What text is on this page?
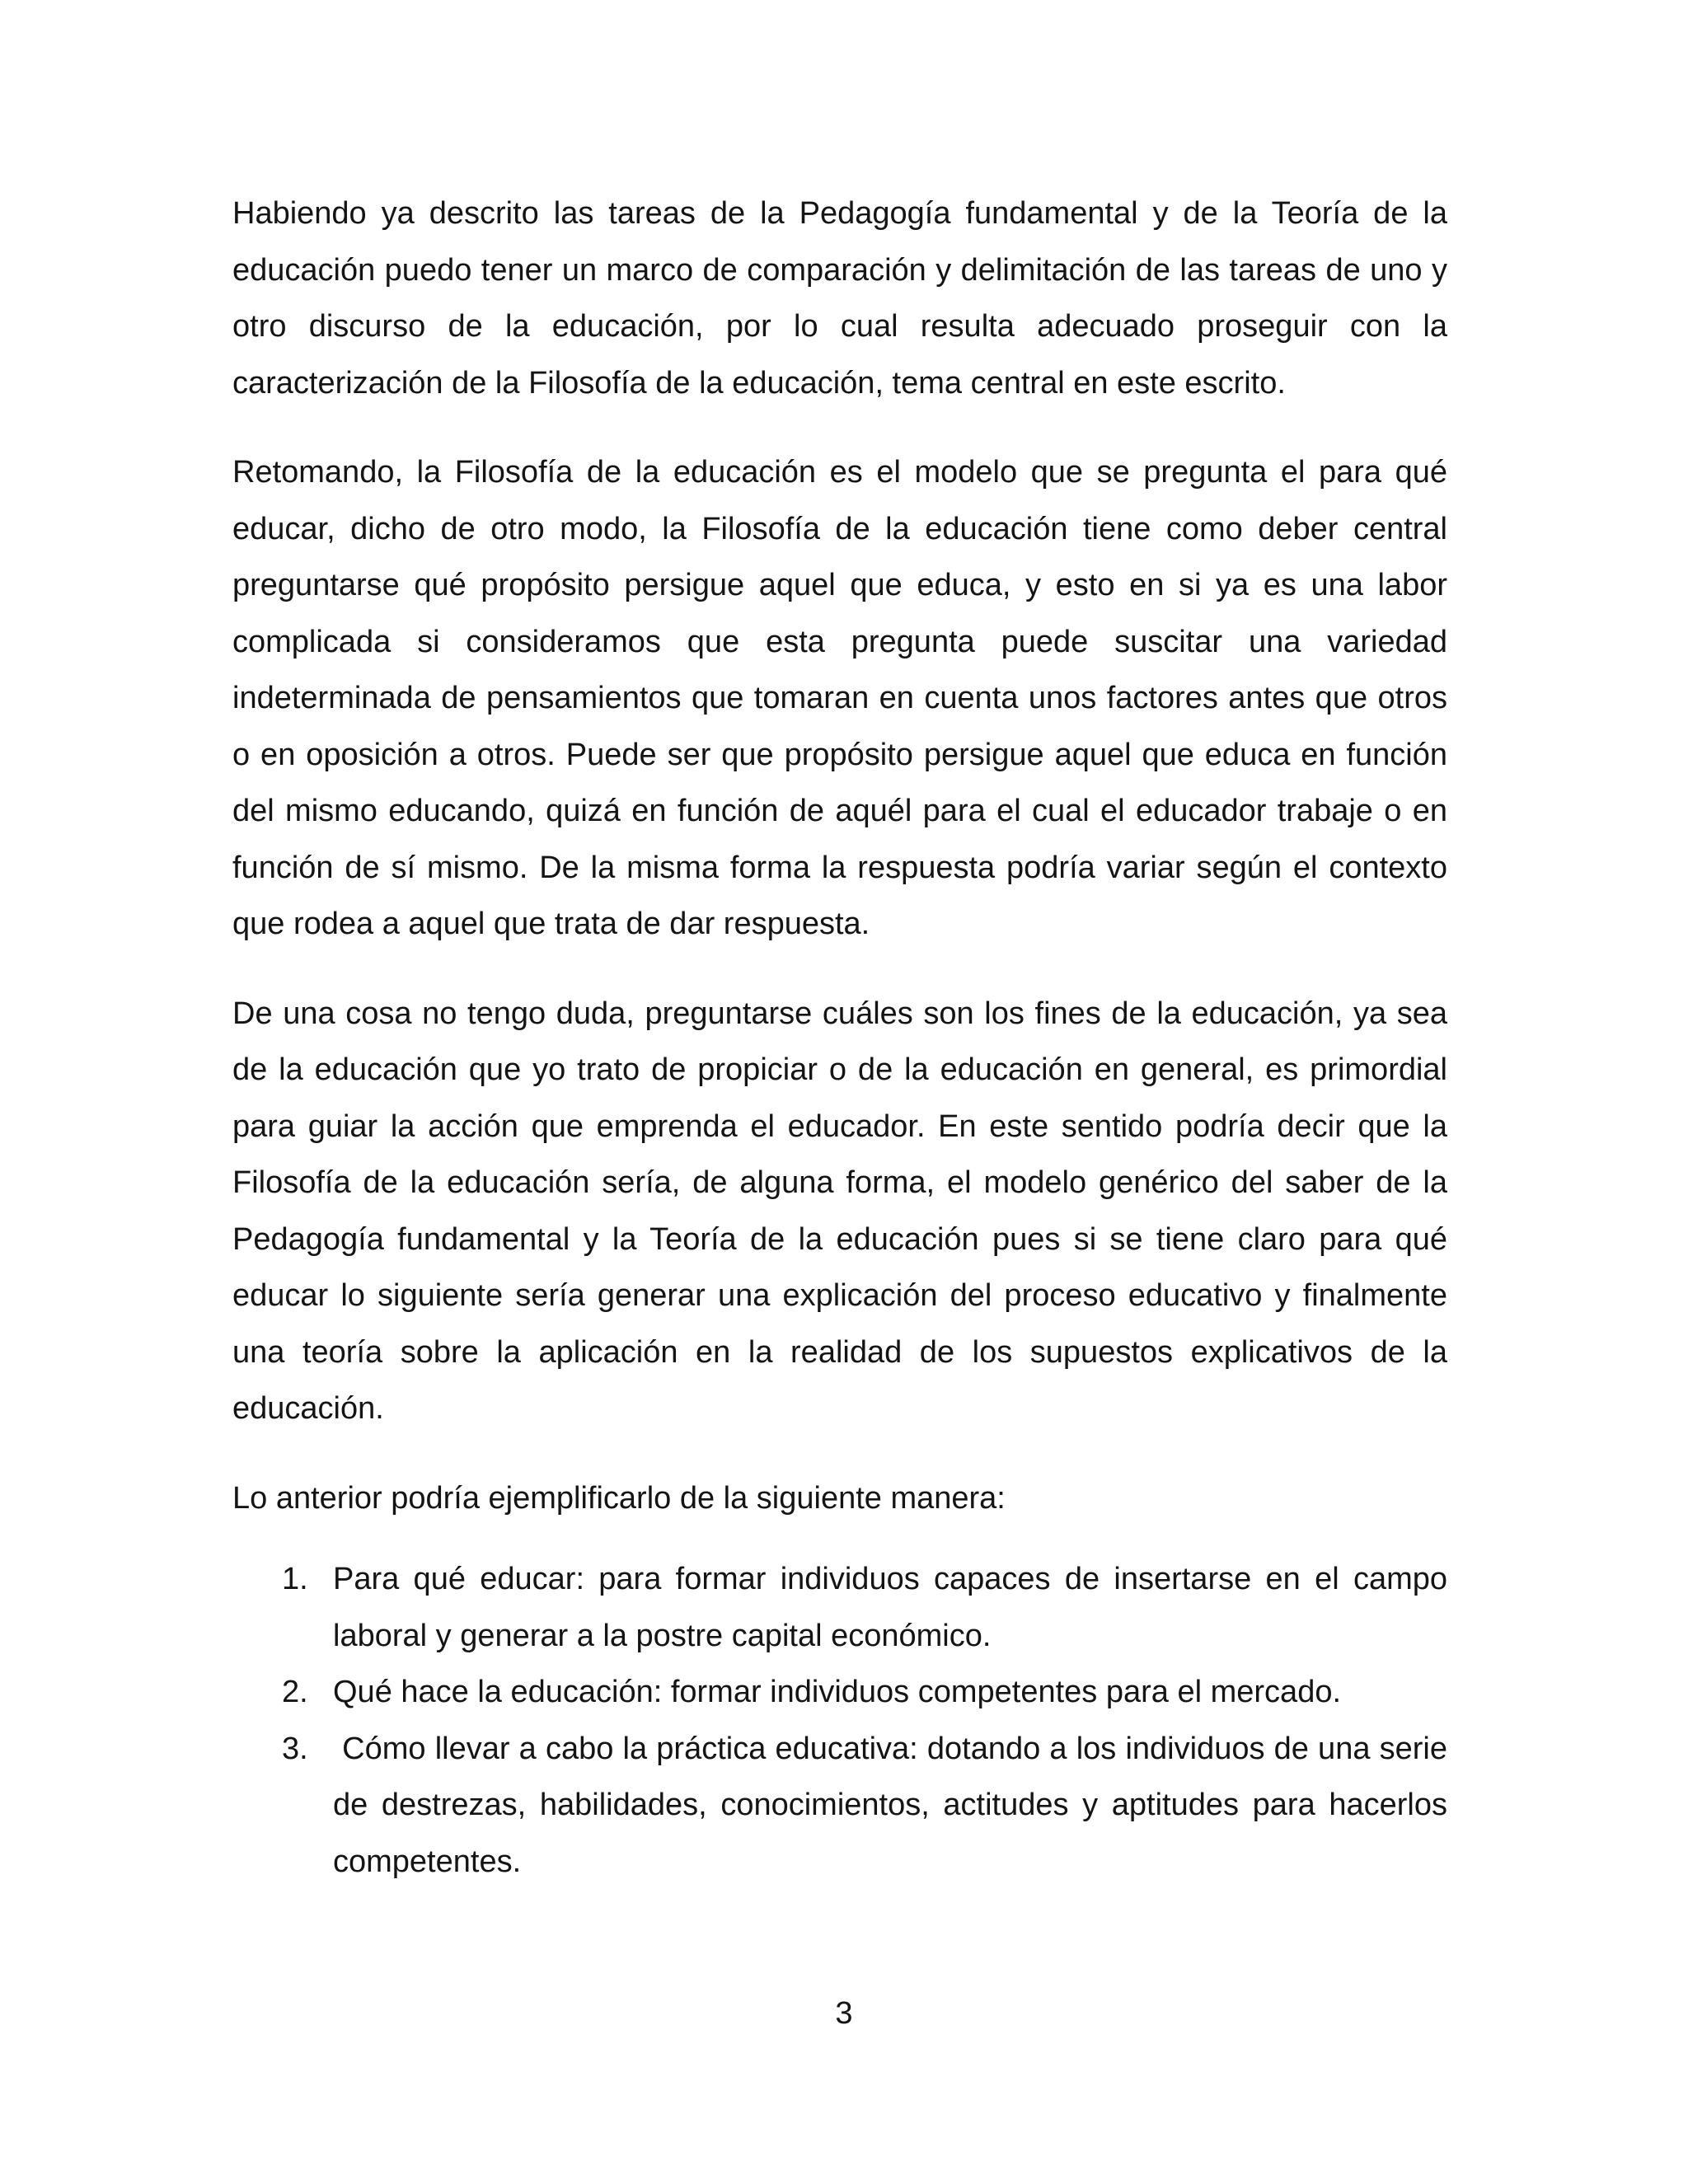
Habiendo ya descrito las tareas de la Pedagogía fundamental y de la Teoría de la educación puedo tener un marco de comparación y delimitación de las tareas de uno y otro discurso de la educación, por lo cual resulta adecuado proseguir con la caracterización de la Filosofía de la educación, tema central en este escrito.

Retomando, la Filosofía de la educación es el modelo que se pregunta el para qué educar, dicho de otro modo, la Filosofía de la educación tiene como deber central preguntarse qué propósito persigue aquel que educa, y esto en si ya es una labor complicada si consideramos que esta pregunta puede suscitar una variedad indeterminada de pensamientos que tomaran en cuenta unos factores antes que otros o en oposición a otros. Puede ser que propósito persigue aquel que educa en función del mismo educando, quizá en función de aquél para el cual el educador trabaje o en función de sí mismo. De la misma forma la respuesta podría variar según el contexto que rodea a aquel que trata de dar respuesta.

De una cosa no tengo duda, preguntarse cuáles son los fines de la educación, ya sea de la educación que yo trato de propiciar o de la educación en general, es primordial para guiar la acción que emprenda el educador. En este sentido podría decir que la Filosofía de la educación sería, de alguna forma, el modelo genérico del saber de la Pedagogía fundamental y la Teoría de la educación pues si se tiene claro para qué educar lo siguiente sería generar una explicación del proceso educativo y finalmente una teoría sobre la aplicación en la realidad de los supuestos explicativos de la educación.

Lo anterior podría ejemplificarlo de la siguiente manera:

1. Para qué educar: para formar individuos capaces de insertarse en el campo laboral y generar a la postre capital económico.
2. Qué hace la educación: formar individuos competentes para el mercado.
3. Cómo llevar a cabo la práctica educativa: dotando a los individuos de una serie de destrezas, habilidades, conocimientos, actitudes y aptitudes para hacerlos competentes.
3
